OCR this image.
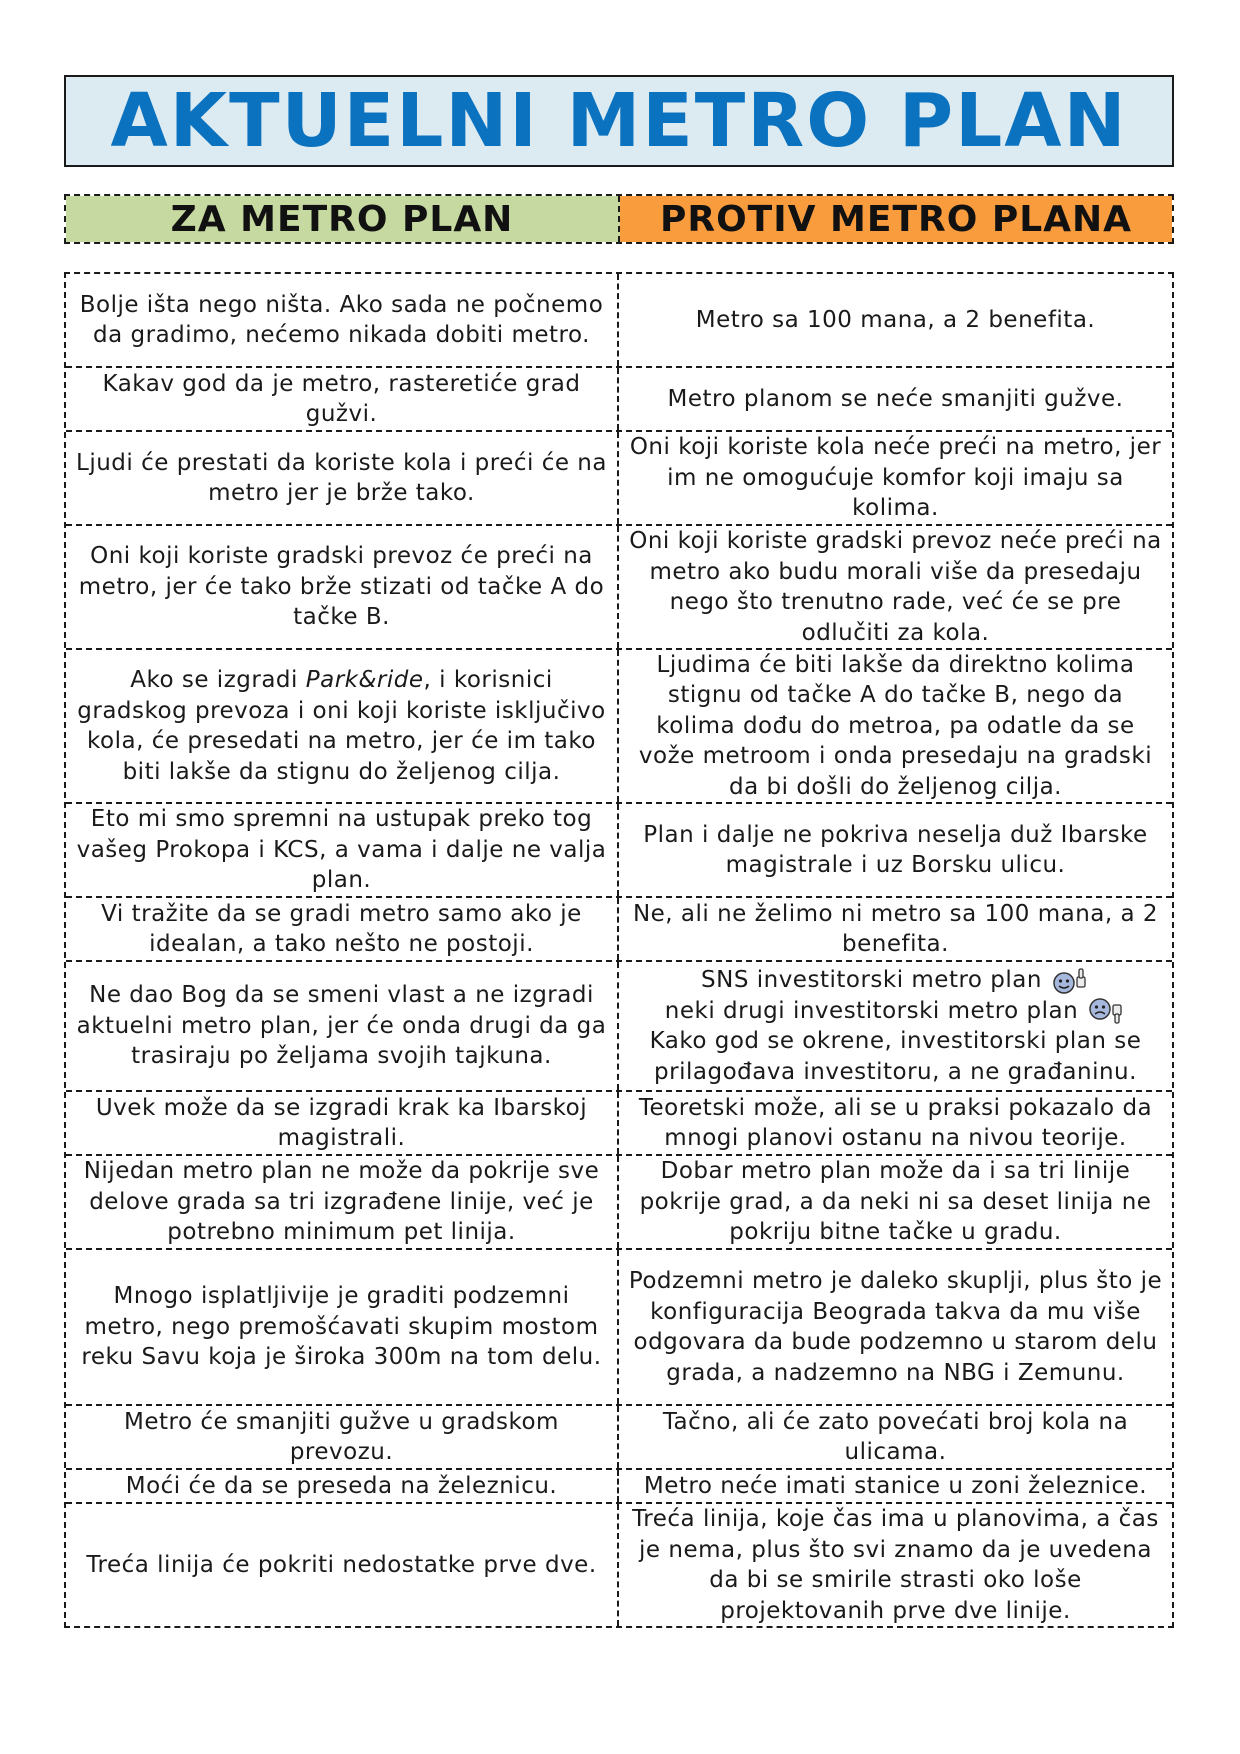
AKTUELNI METRO PLAN
ZA METRO PLAN	PROTIV METRO PLANA
Bolje išta nego ništa. Ako sada ne počnemo da gradimo, nećemo nikada dobiti metro.
Metro sa 100 mana, a 2 benefita.
Kakav god da je metro, rasteretiće grad gužvi.
Metro planom se neće smanjiti gužve.
Ljudi će prestati da koriste kola i preći će na metro jer je brže tako.
Oni koji koriste kola neće preći na metro, jer im ne omogućuje komfor koji imaju sa kolima.
Oni koji koriste gradski prevoz će preći na metro, jer će tako brže stizati od tačke A do tačke B.
Oni koji koriste gradski prevoz neće preći na metro ako budu morali više da presedaju nego što trenutno rade, već će se pre odlučiti za kola.
Ako se izgradi Park&ride, i korisnici gradskog prevoza i oni koji koriste isključivo kola, će presedati na metro, jer će im tako biti lakše da stignu do željenog cilja.
Ljudima će biti lakše da direktno kolima stignu od tačke A do tačke B, nego da kolima dođu do metroa, pa odatle da se vože metroom i onda presedaju na gradski da bi došli do željenog cilja.
Eto mi smo spremni na ustupak preko tog vašeg Prokopa i KCS, a vama i dalje ne valja plan.
Plan i dalje ne pokriva neselja duž Ibarske magistrale i uz Borsku ulicu.
Vi tražite da se gradi metro samo ako je idealan, a tako nešto ne postoji.
Ne, ali ne želimo ni metro sa 100 mana, a 2 benefita.
Ne dao Bog da se smeni vlast a ne izgradi aktuelni metro plan, jer će onda drugi da ga trasiraju po željama svojih tajkuna.
SNS investitorski metro plan
neki drugi investitorski metro plan
Kako god se okrene, investitorski plan se prilagođava investitoru, a ne građaninu.
Uvek može da se izgradi krak ka Ibarskoj magistrali.
Teoretski može, ali se u praksi pokazalo da mnogi planovi ostanu na nivou teorije.
Nijedan metro plan ne može da pokrije sve delove grada sa tri izgrađene linije, već je potrebno minimum pet linija.
Dobar metro plan može da i sa tri linije pokrije grad, a da neki ni sa deset linija ne pokriju bitne tačke u gradu.
Mnogo isplatljivije je graditi podzemni metro, nego premošćavati skupim mostom reku Savu koja je široka 300m na tom delu.
Podzemni metro je daleko skuplji, plus što je konfiguracija Beograda takva da mu više odgovara da bude podzemno u starom delu grada, a nadzemno na NBG i Zemunu.
Metro će smanjiti gužve u gradskom prevozu.
Tačno, ali će zato povećati broj kola na ulicama.
Moći će da se preseda na železnicu.	Metro neće imati stanice u zoni železnice.
Treća linija će pokriti nedostatke prve dve.
Treća linija, koje čas ima u planovima, a čas je nema, plus što svi znamo da je uvedena da bi se smirile strasti oko loše projektovanih prve dve linije.
